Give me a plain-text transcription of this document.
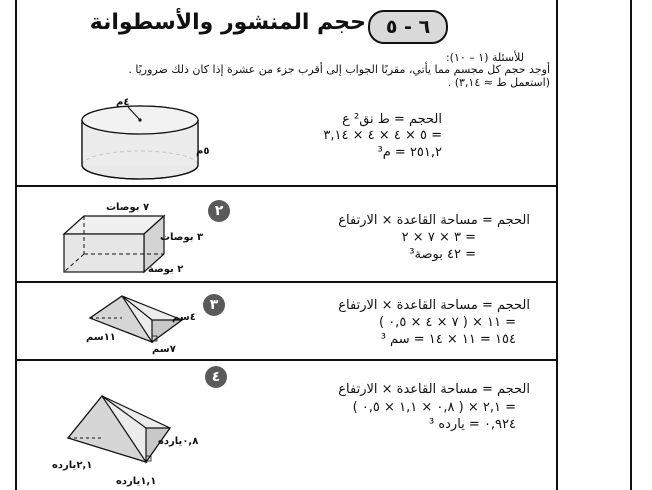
٦ - ٥
حجم المنشور والأسطوانة
للأسئلة (١ – ١٠):
أوجد حجم كل مجسم مما يأتي، مقربًا الجواب إلى أقرب جزء من عشرة إذا كان ذلك ضروريًا .
(استعمل ط ≈ ٣,١٤) .
٤م
٥م
الحجم = ط نق² ع
٥ × ٤ × ٤ × ٣,١٤ =
٢٥١,٢ = م³
٢
٧ بوصات
٣ بوصات
٢ بوصة
الحجم = مساحة القاعدة × الارتفاع
٣ × ٧ × ٢ =
= ٤٢ بوصة³
٣
٤سم
١١سم
٧سم
الحجم = مساحة القاعدة × الارتفاع
١١ × ( ٧ × ٤ × ٠,٥ ) =
١٥٤ = ١١ × ١٤ = سم ³
٤
٠,٨يارده
٢,١يارده
١,١يارده
الحجم = مساحة القاعدة × الارتفاع
٢,١ × ( ٠,٨ × ١,١ × ٠,٥ ) =
٠,٩٢٤ = يارده ³
